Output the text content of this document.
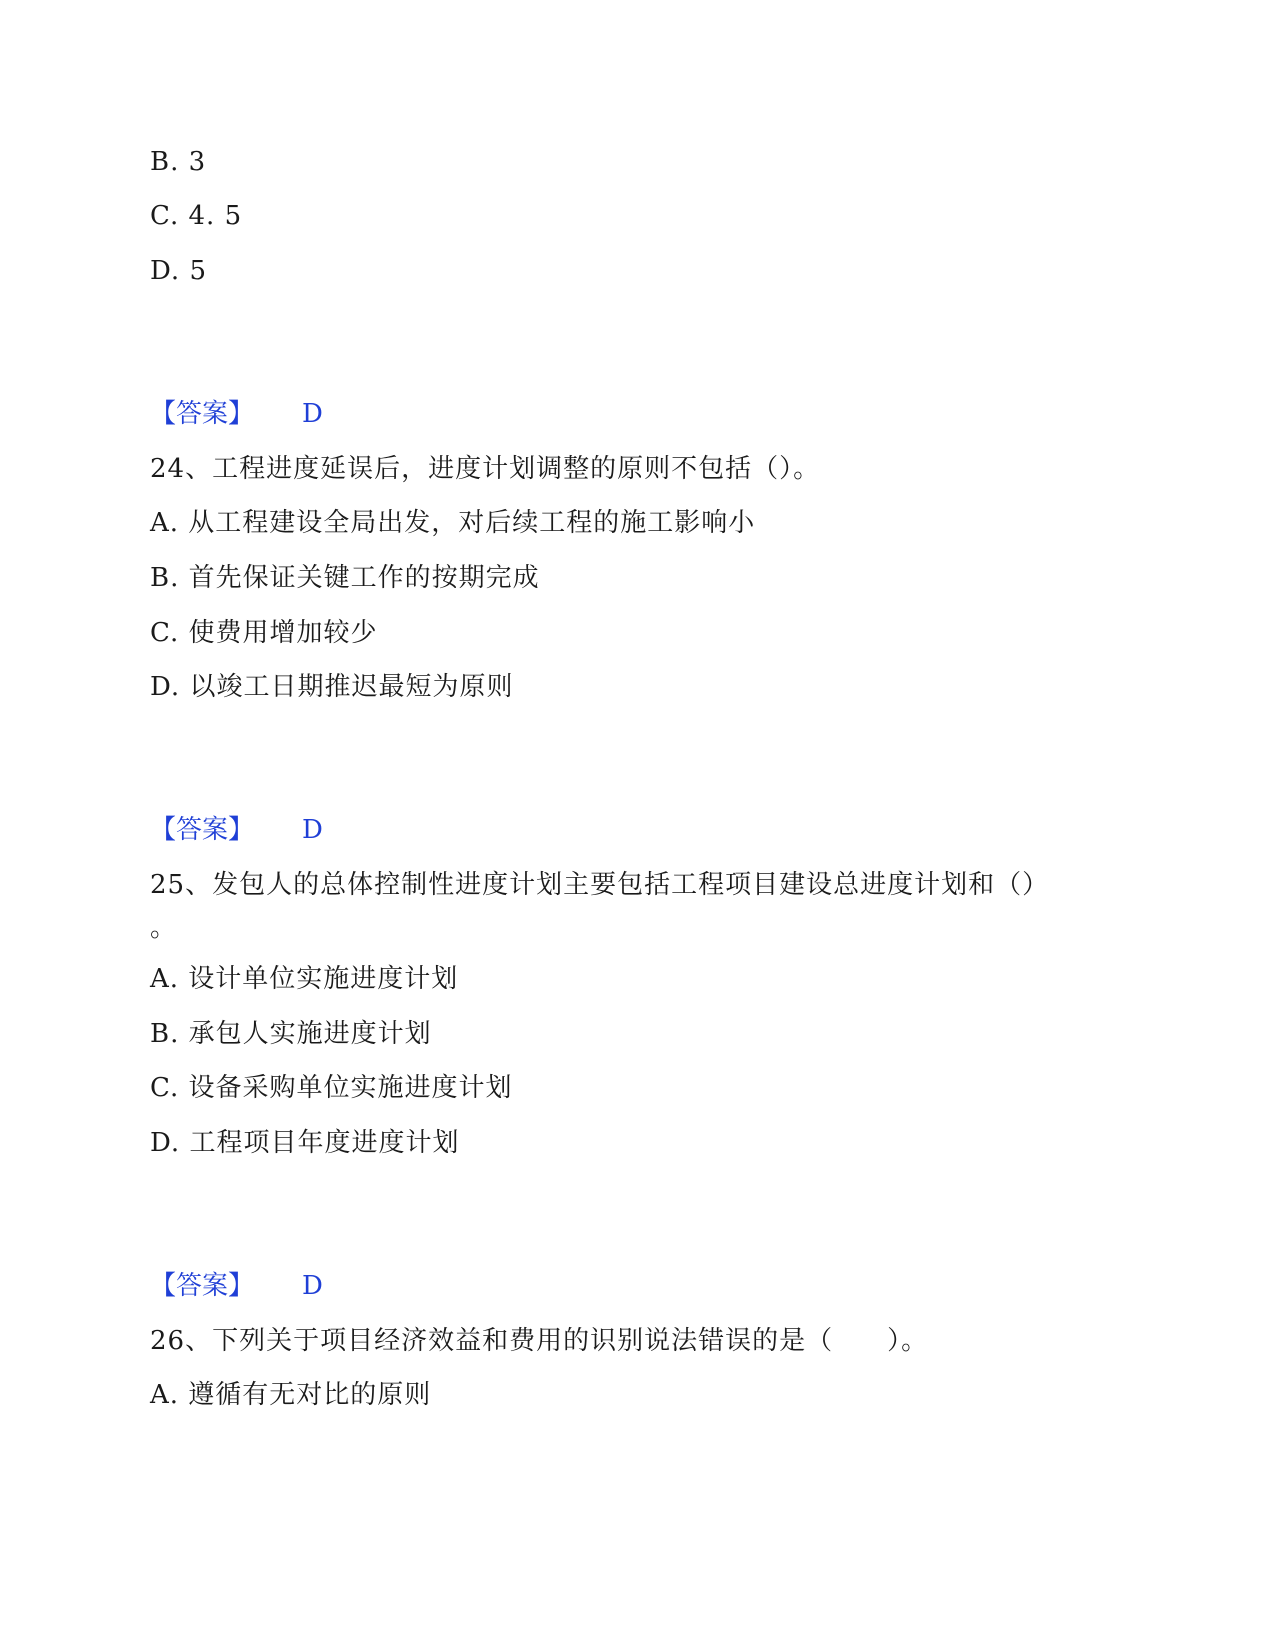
B. 3
C. 4. 5
D. 5
【答案】 D
24、工程进度延误后，进度计划调整的原则不包括（）。
A. 从工程建设全局出发，对后续工程的施工影响小
B. 首先保证关键工作的按期完成
C. 使费用增加较少
D. 以竣工日期推迟最短为原则
【答案】 D
25、发包人的总体控制性进度计划主要包括工程项目建设总进度计划和（）
。
A. 设计单位实施进度计划
B. 承包人实施进度计划
C. 设备采购单位实施进度计划
D. 工程项目年度进度计划
【答案】 D
26、下列关于项目经济效益和费用的识别说法错误的是（　　）。
A. 遵循有无对比的原则
